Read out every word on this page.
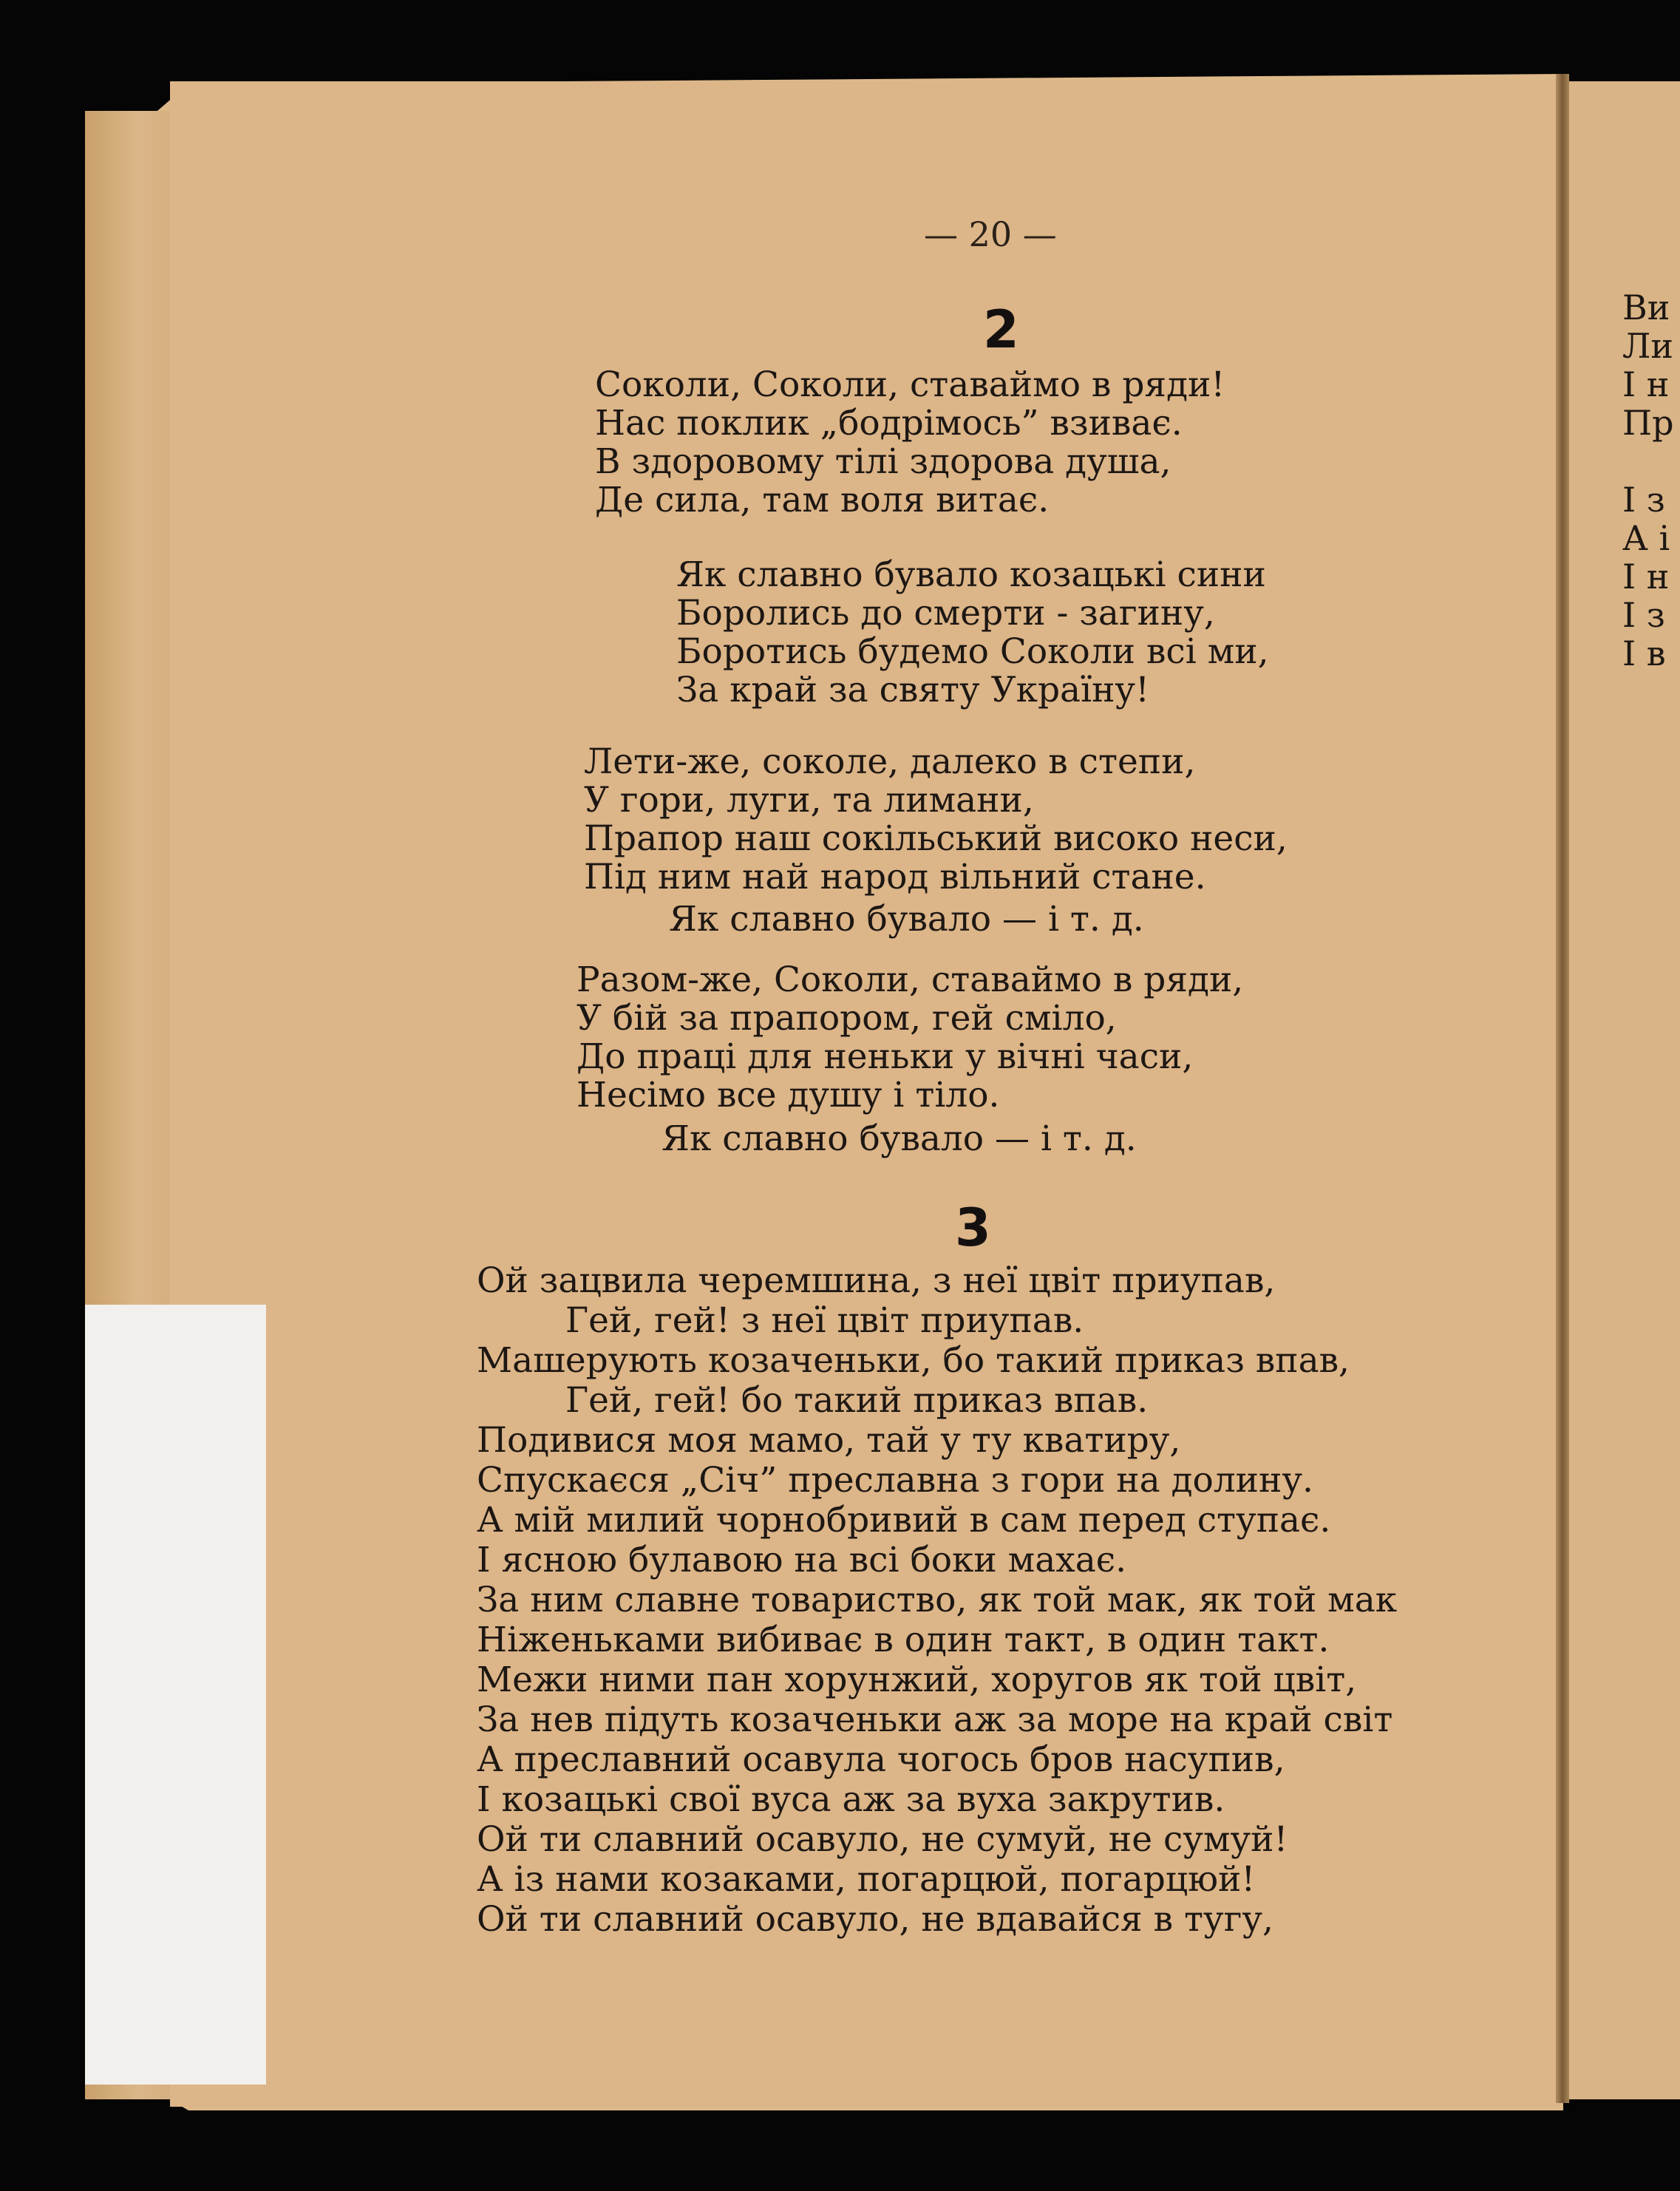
— 20 —
2
Соколи, Соколи, ставаймо в ряди!
Нас поклик „бодрімось” взиває.
В здоровому тілі здорова душа,
Де сила, там воля витає.
Як славно бувало козацькі сини
Боролись до смерти - загину,
Боротись будемо Соколи всі ми,
За край за святу Україну!
Лети-же, соколе, далеко в степи,
У гори, луги, та лимани,
Прапор наш сокільський високо неси,
Під ним най народ вільний стане.
Як славно бувало — і т. д.
Разом-же, Соколи, ставаймо в ряди,
У бій за прапором, гей сміло,
До праці для неньки у вічні часи,
Несімо все душу і тіло.
Як славно бувало — і т. д.
3
Ой зацвила черемшина, з неї цвіт приупав,
Гей, гей! з неї цвіт приупав.
Машерують козаченьки, бо такий приказ впав,
Гей, гей! бо такий приказ впав.
Подивися моя мамо, тай у ту кватиру,
Спускаєся „Січ” преславна з гори на долину.
А мій милий чорнобривий в сам перед ступає.
І ясною булавою на всі боки махає.
За ним славне товариство, як той мак, як той мак
Ніженьками вибиває в один такт, в один такт.
Межи ними пан хорунжий, хоругов як той цвіт,
За нев підуть козаченьки аж за море на край світ
А преславний осавула чогось бров насупив,
І козацькі свої вуса аж за вуха закрутив.
Ой ти славний осавуло, не сумуй, не сумуй!
А із нами козаками, погарцюй, погарцюй!
Ой ти славний осавуло, не вдавайся в тугу,
Ви
Ли
І н
Пр

І з
А і
І н
І з
І в
